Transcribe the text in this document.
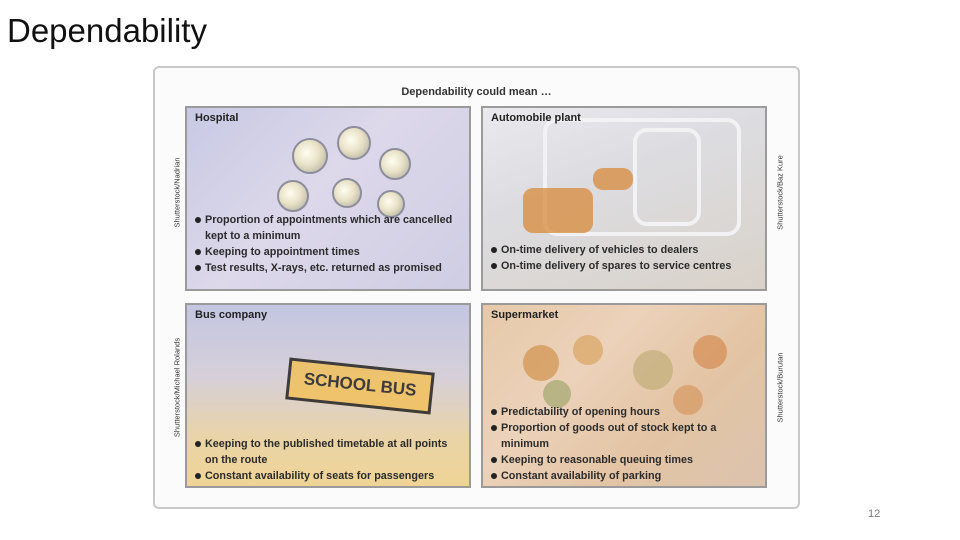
Dependability
Dependability could mean …
Hospital
Proportion of appointments which are cancelled kept to a minimum
Keeping to appointment times
Test results, X-rays, etc. returned as promised
Automobile plant
On-time delivery of vehicles to dealers
On-time delivery of spares to service centres
SCHOOL BUS
Bus company
Keeping to the published timetable at all points on the route
Constant availability of seats for passengers
Supermarket
Predictability of opening hours
Proportion of goods out of stock kept to a minimum
Keeping to reasonable queuing times
Constant availability of parking
Shutterstock/Nadrian	Shutterstock/Baz Kure
Shutterstock/Michael Rolands	Shutterstock/Burutan
12
